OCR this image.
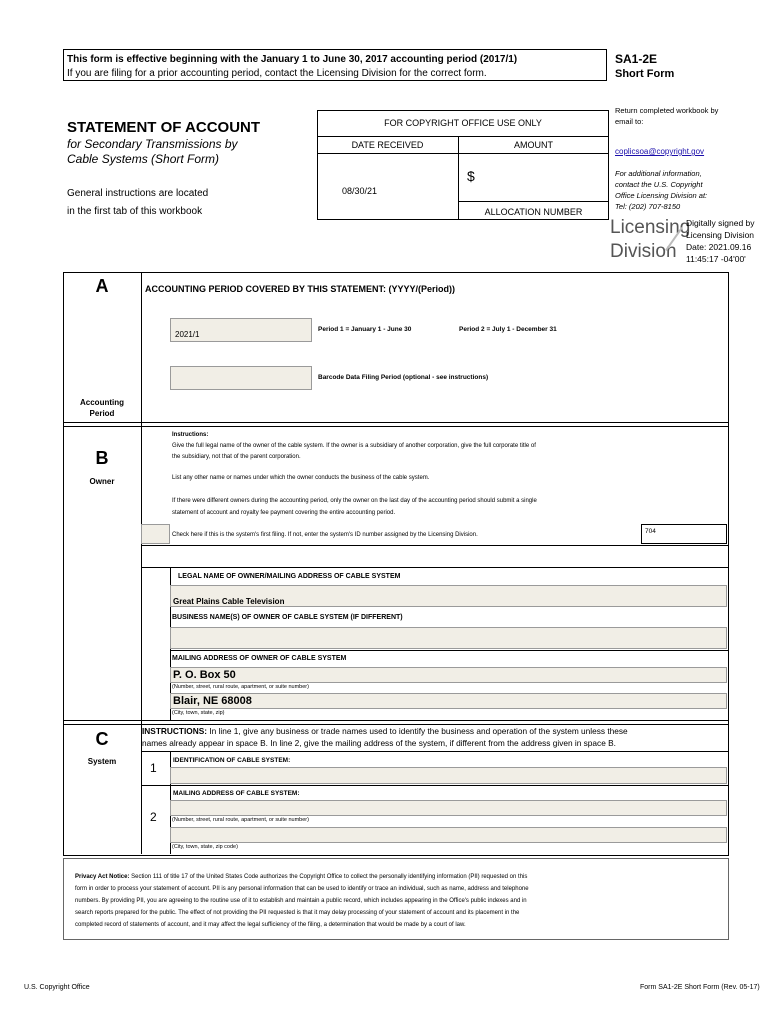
This form is effective beginning with the January 1 to June 30, 2017 accounting period (2017/1)
If you are filing for a prior accounting period, contact the Licensing Division for the correct form.
SA1-2E
Short Form
STATEMENT OF ACCOUNT
for Secondary Transmissions by
Cable Systems (Short Form)
General instructions are located
in the first tab of this workbook
FOR COPYRIGHT OFFICE USE ONLY
DATE RECEIVED	AMOUNT
08/30/21
$
ALLOCATION NUMBER
Return completed workbook by email to:
coplicsoa@copyright.gov
For additional information,
contact the U.S. Copyright
Office Licensing Division at:
Tel: (202) 707-8150
Licensing
Division
Digitally signed by
Licensing Division
Date: 2021.09.16
11:45:17 -04'00'
A	ACCOUNTING PERIOD COVERED BY THIS STATEMENT: (YYYY/(Period))
2021/1
Period 1 = January 1 - June 30	Period 2 = July 1 - December 31
Barcode Data Filing Period (optional - see instructions)
Accounting
Period
B
Owner
Instructions:
Give the full legal name of the owner of the cable system. If the owner is a subsidiary of another corporation, give the full corporate title of
the subsidiary, not that of the parent corporation.
List any other name or names under which the owner conducts the business of the cable system.
If there were different owners during the accounting period, only the owner on the last day of the accounting period should submit a single
statement of account and royalty fee payment covering the entire accounting period.
Check here if this is the system's first filing. If not, enter the system's ID number assigned by the Licensing Division.	704
LEGAL NAME OF OWNER/MAILING ADDRESS OF CABLE SYSTEM
Great Plains Cable Television
BUSINESS NAME(S) OF OWNER OF CABLE SYSTEM (IF DIFFERENT)
MAILING ADDRESS OF OWNER OF CABLE SYSTEM
P. O. Box 50
(Number, street, rural route, apartment, or suite number)
Blair, NE 68008
(City, town, state, zip)
C
System
INSTRUCTIONS: In line 1, give any business or trade names used to identify the business and operation of the system unless these
names already appear in space B. In line 2, give the mailing address of the system, if different from the address given in space B.
1
IDENTIFICATION OF CABLE SYSTEM:
2
MAILING ADDRESS OF CABLE SYSTEM:
(Number, street, rural route, apartment, or suite number)
(City, town, state, zip code)
Privacy Act Notice: Section 111 of title 17 of the United States Code authorizes the Copyright Office to collect the personally identifying information (PII) requested on this
form in order to process your statement of account. PII is any personal information that can be used to identify or trace an individual, such as name, address and telephone
numbers. By providing PII, you are agreeing to the routine use of it to establish and maintain a public record, which includes appearing in the Office's public indexes and in
search reports prepared for the public. The effect of not providing the PII requested is that it may delay processing of your statement of account and its placement in the
completed record of statements of account, and it may affect the legal sufficiency of the filing, a determination that would be made by a court of law.
U.S. Copyright Office	Form SA1-2E Short Form (Rev. 05-17)
